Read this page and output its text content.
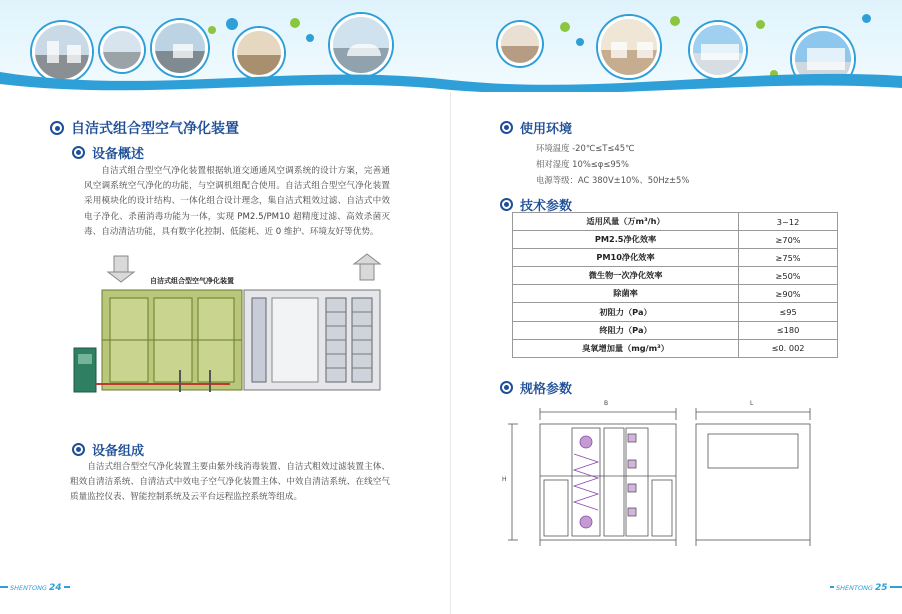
自洁式组合型空气净化装置
设备概述
自洁式组合型空气净化装置根据轨道交通通风空调系统的设计方案，完善通风空调系统空气净化的功能，与空调机组配合使用。自洁式组合型空气净化装置采用模块化的设计结构、一体化组合设计理念，集自洁式粗效过滤、自洁式中效电子净化、杀菌消毒功能为一体，实现 PM2.5/PM10 超精度过滤、高效杀菌灭毒、自动清洁功能，具有数字化控制、低能耗、近 0 维护、环境友好等优势。
自洁式组合型空气净化装置
设备组成
自洁式组合型空气净化装置主要由紫外线消毒装置、自洁式粗效过滤装置主体、粗效自清洁系统、自清洁式中效电子空气净化装置主体、中效自清洁系统、在线空气质量监控仪表、智能控制系统及云平台远程监控系统等组成。
SHENTONG 24
使用环境
环境温度 -20℃≤T≤45℃
相对湿度 10%≤φ≤95%
电源等级：AC 380V±10%、50Hz±5%
技术参数
适用风量（万m³/h）	3~12
PM2.5净化效率	≥70%
PM10净化效率	≥75%
微生物一次净化效率	≥50%
除菌率	≥90%
初阻力（Pa）	≤95
终阻力（Pa）	≤180
臭氧增加量（mg/m³）	≤0. 002
规格参数
B	L
H
SHENTONG 25
